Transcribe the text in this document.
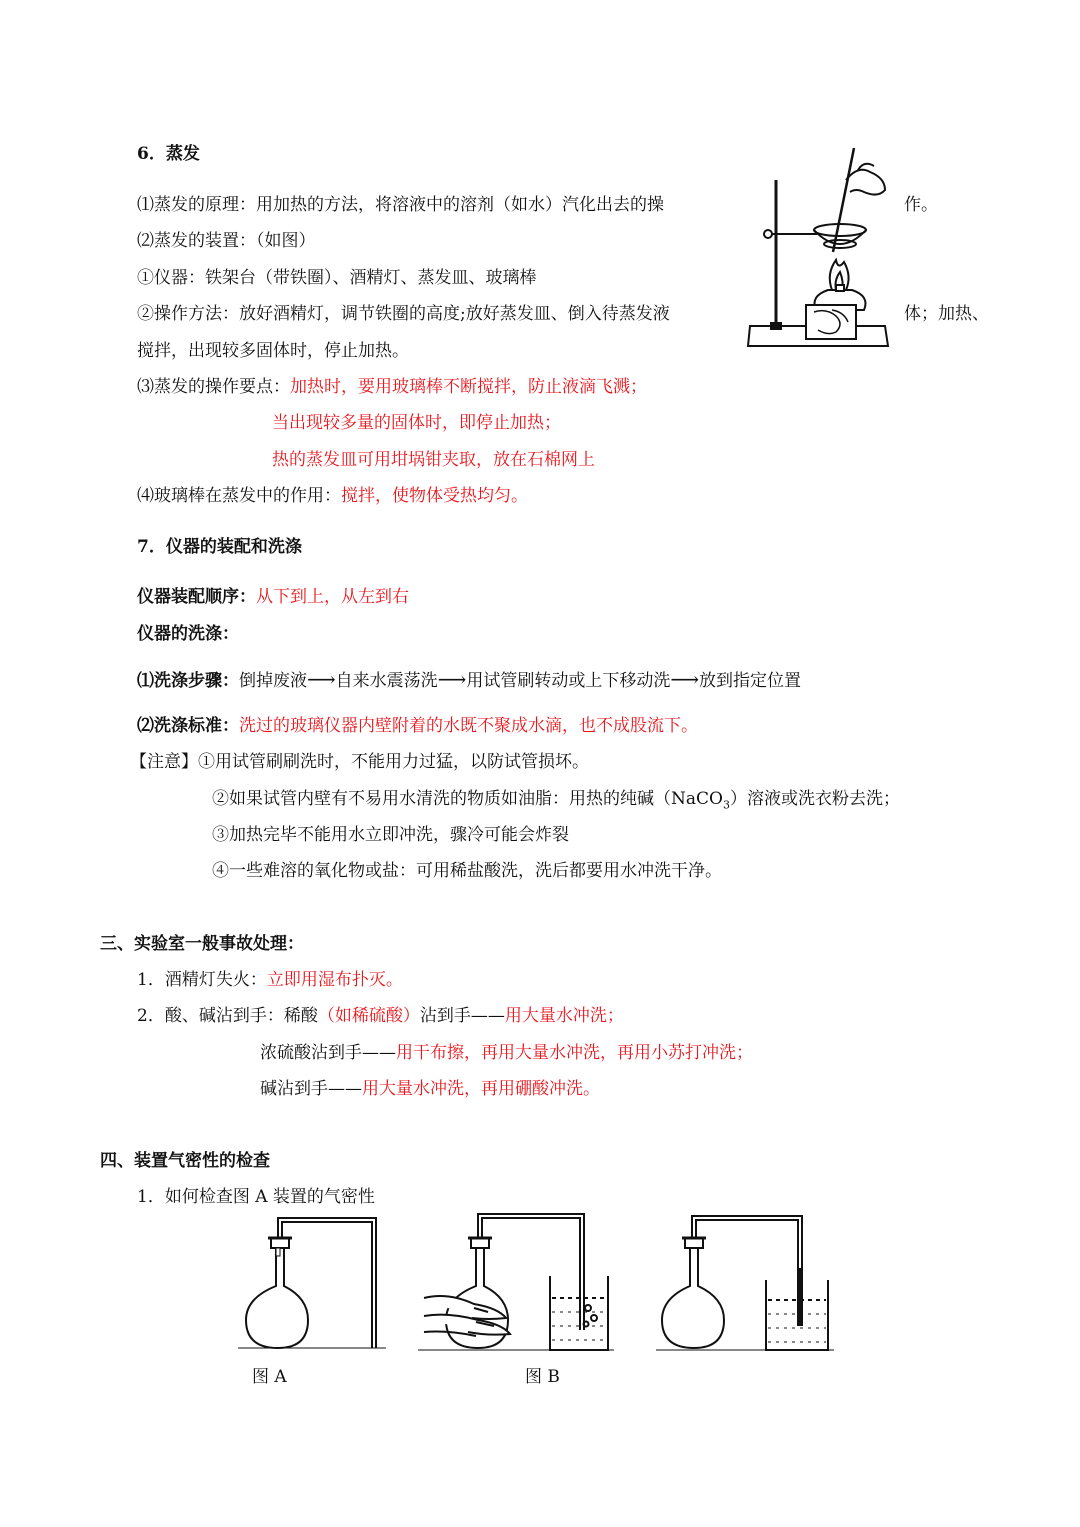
6．蒸发
⑴蒸发的原理：用加热的方法，将溶液中的溶剂（如水）汽化出去的操	作。
⑵蒸发的装置：（如图）
①仪器：铁架台（带铁圈）、酒精灯、蒸发皿、玻璃棒
②操作方法：放好酒精灯，调节铁圈的高度;放好蒸发皿、倒入待蒸发液	体；加热、
搅拌，出现较多固体时，停止加热。
⑶蒸发的操作要点：加热时，要用玻璃棒不断搅拌，防止液滴飞溅；
当出现较多量的固体时，即停止加热；
热的蒸发皿可用坩埚钳夹取，放在石棉网上
⑷玻璃棒在蒸发中的作用：搅拌，使物体受热均匀。
7．仪器的装配和洗涤
仪器装配顺序：从下到上，从左到右
仪器的洗涤：
⑴洗涤步骤：倒掉废液⟶自来水震荡洗⟶用试管刷转动或上下移动洗⟶放到指定位置
⑵洗涤标准：洗过的玻璃仪器内壁附着的水既不聚成水滴，也不成股流下。
【注意】①用试管刷刷洗时，不能用力过猛，以防试管损坏。
②如果试管内壁有不易用水清洗的物质如油脂：用热的纯碱（NaCO$_3$）溶液或洗衣粉去洗；
③加热完毕不能用水立即冲洗，骤冷可能会炸裂
④一些难溶的氧化物或盐：可用稀盐酸洗，洗后都要用水冲洗干净。
三、实验室一般事故处理：
1．酒精灯失火：立即用湿布扑灭。
2．酸、碱沾到手：稀酸（如稀硫酸）沾到手——用大量水冲洗；
浓硫酸沾到手——用干布擦，再用大量水冲洗，再用小苏打冲洗；
碱沾到手——用大量水冲洗，再用硼酸冲洗。
四、装置气密性的检查
1．如何检查图 A 装置的气密性
图 A	图 B
